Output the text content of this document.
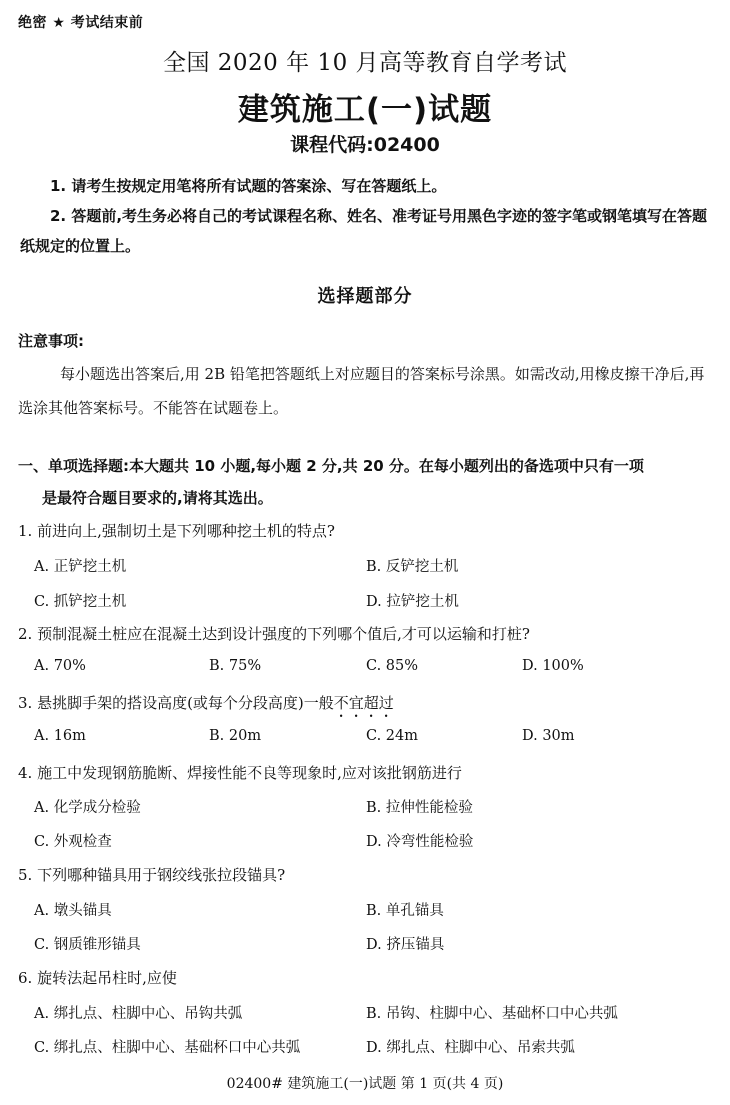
绝密 ★ 考试结束前
全国 2020 年 10 月高等教育自学考试
建筑施工(一)试题
课程代码:02400

1. 请考生按规定用笔将所有试题的答案涂、写在答题纸上。

2. 答题前,考生务必将自己的考试课程名称、姓名、准考证号用黑色字迹的签字笔或钢笔填写在答题纸规定的位置上。

选择题部分
注意事项:

每小题选出答案后,用 2B 铅笔把答题纸上对应题目的答案标号涂黑。如需改动,用橡皮擦干净后,再选涂其他答案标号。不能答在试题卷上。

一、单项选择题:本大题共 10 小题,每小题 2 分,共 20 分。在每小题列出的备选项中只有一项
是最符合题目要求的,请将其选出。
1. 前进向上,强制切土是下列哪种挖土机的特点?
A. 正铲挖土机	B. 反铲挖土机
C. 抓铲挖土机	D. 拉铲挖土机
2. 预制混凝土桩应在混凝土达到设计强度的下列哪个值后,才可以运输和打桩?
A. 70%	B. 75%	C. 85%	D. 100%
3. 悬挑脚手架的搭设高度(或每个分段高度)一般不宜超过
A. 16m	B. 20m	C. 24m	D. 30m
4. 施工中发现钢筋脆断、焊接性能不良等现象时,应对该批钢筋进行
A. 化学成分检验	B. 拉伸性能检验
C. 外观检查	D. 冷弯性能检验
5. 下列哪种锚具用于钢绞线张拉段锚具?
A. 墩头锚具	B. 单孔锚具
C. 钢质锥形锚具	D. 挤压锚具
6. 旋转法起吊柱时,应使
A. 绑扎点、柱脚中心、吊钩共弧	B. 吊钩、柱脚中心、基础杯口中心共弧
C. 绑扎点、柱脚中心、基础杯口中心共弧	D. 绑扎点、柱脚中心、吊索共弧
02400# 建筑施工(一)试题 第 1 页(共 4 页)
